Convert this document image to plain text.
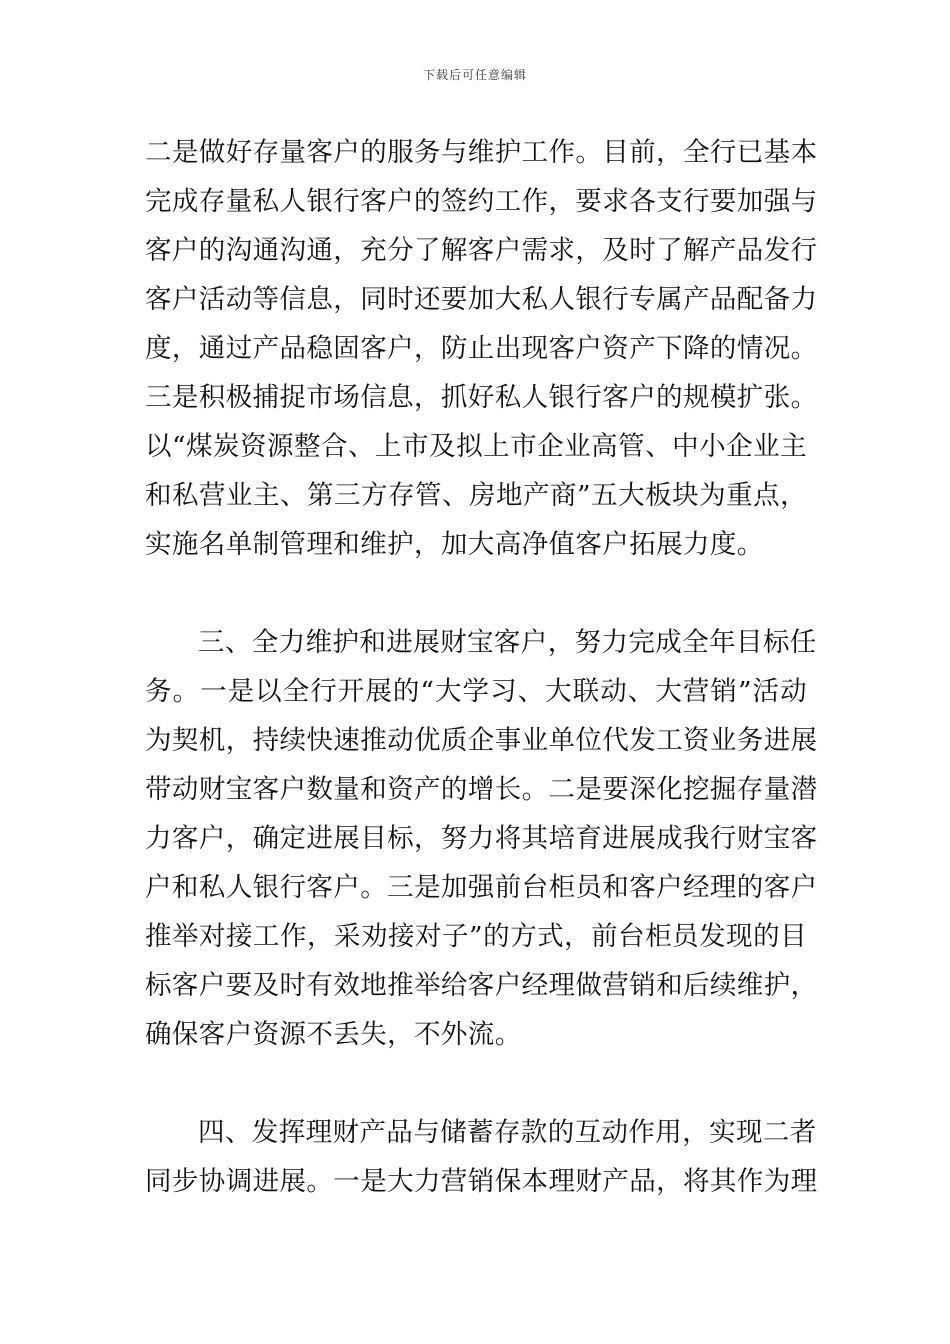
下载后可任意编辑
二是做好存量客户的服务与维护工作。目前，全行已基本
完成存量私人银行客户的签约工作，要求各支行要加强与
客户的沟通沟通，充分了解客户需求，及时了解产品发行
客户活动等信息，同时还要加大私人银行专属产品配备力
度，通过产品稳固客户，防止出现客户资产下降的情况。
三是积极捕捉市场信息，抓好私人银行客户的规模扩张。
以“煤炭资源整合、上市及拟上市企业高管、中小企业主
和私营业主、第三方存管、房地产商”五大板块为重点，
实施名单制管理和维护，加大高净值客户拓展力度。
三、全力维护和进展财宝客户，努力完成全年目标任
务。一是以全行开展的“大学习、大联动、大营销”活动
为契机，持续快速推动优质企事业单位代发工资业务进展
带动财宝客户数量和资产的增长。二是要深化挖掘存量潜
力客户，确定进展目标，努力将其培育进展成我行财宝客
户和私人银行客户。三是加强前台柜员和客户经理的客户
推举对接工作，采劝接对子”的方式，前台柜员发现的目
标客户要及时有效地推举给客户经理做营销和后续维护，
确保客户资源不丢失，不外流。
四、发挥理财产品与储蓄存款的互动作用，实现二者
同步协调进展。一是大力营销保本理财产品，将其作为理
